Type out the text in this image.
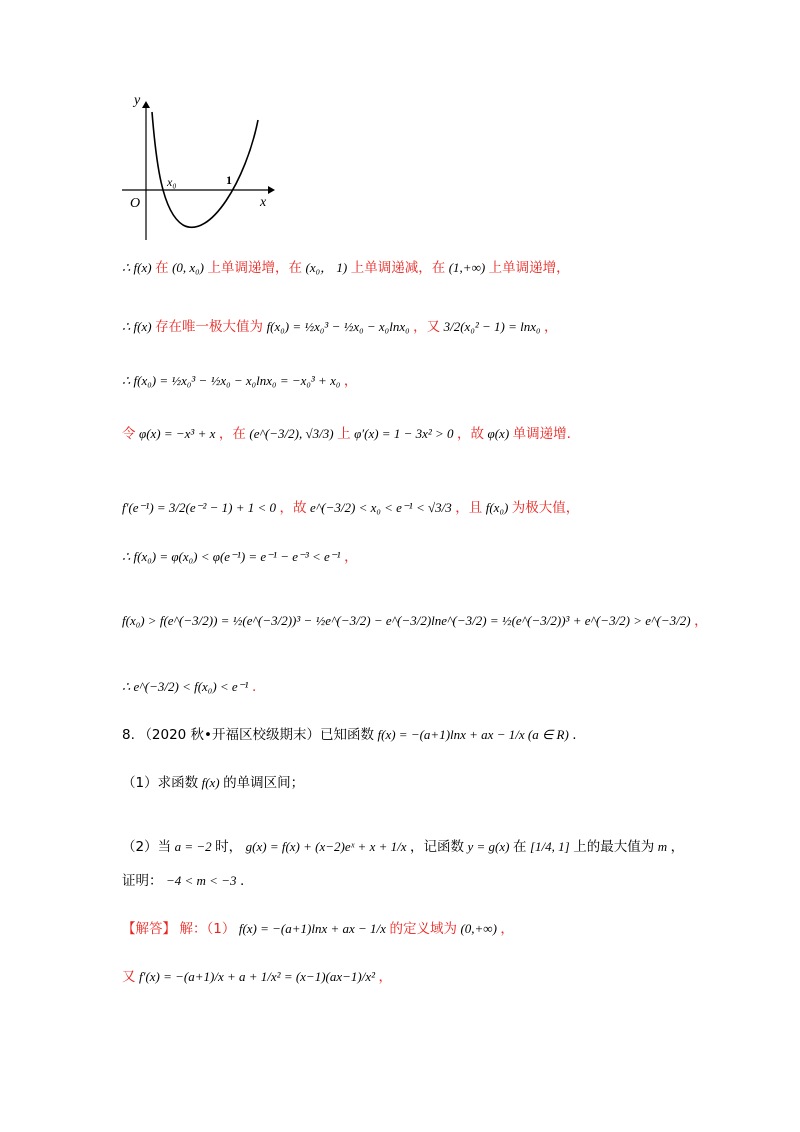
y
x
O
x₀	1
∴ f(x) 在 (0, x₀) 上单调递增，在 (x₀， 1) 上单调递减，在 (1,+∞) 上单调递增，
∴ f(x) 存在唯一极大值为 f(x₀) = ½x₀³ − ½x₀ − x₀lnx₀ ，又 3/2(x₀² − 1) = lnx₀ ，
∴ f(x₀) = ½x₀³ − ½x₀ − x₀lnx₀ = −x₀³ + x₀ ，
令 φ(x) = −x³ + x ，在 (e^(−3/2), √3/3) 上 φ′(x) = 1 − 3x² > 0 ，故 φ(x) 单调递增.
f′(e⁻¹) = 3/2(e⁻² − 1) + 1 < 0 ，故 e^(−3/2) < x₀ < e⁻¹ < √3/3 ，且 f(x₀) 为极大值，
∴ f(x₀) = φ(x₀) < φ(e⁻¹) = e⁻¹ − e⁻³ < e⁻¹ ，
f(x₀) > f(e^(−3/2)) = ½(e^(−3/2))³ − ½e^(−3/2) − e^(−3/2)lne^(−3/2) = ½(e^(−3/2))³ + e^(−3/2) > e^(−3/2) ，
∴ e^(−3/2) < f(x₀) < e⁻¹ .
8. （2020 秋•开福区校级期末）已知函数 f(x) = −(a+1)lnx + ax − 1/x (a ∈ R) .
（1）求函数 f(x) 的单调区间；
（2）当 a = −2 时， g(x) = f(x) + (x−2)eˣ + x + 1/x ，记函数 y = g(x) 在 [1/4, 1] 上的最大值为 m ，
证明： −4 < m < −3 .
【解答】 解：（1） f(x) = −(a+1)lnx + ax − 1/x 的定义域为 (0,+∞) ，
又 f′(x) = −(a+1)/x + a + 1/x² = (x−1)(ax−1)/x² ，
